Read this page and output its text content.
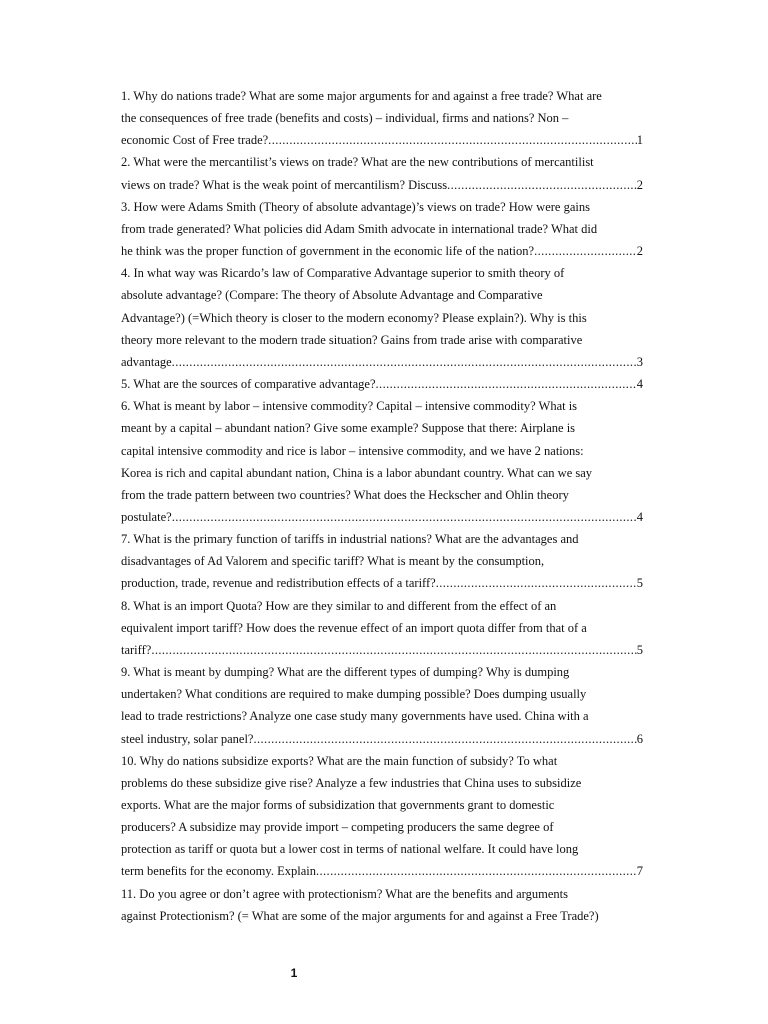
1. Why do nations trade? What are some major arguments for and against a free trade? What are
the consequences of free trade (benefits and costs) – individual, firms and nations? Non –
economic Cost of Free trade? .....	1
2. What were the mercantilist’s views on trade? What are the new contributions of mercantilist
views on trade? What is the weak point of mercantilism? Discuss .....	2
3. How were Adams Smith (Theory of absolute advantage)’s views on trade? How were gains
from trade generated? What policies did Adam Smith advocate in international trade? What did
he think was the proper function of government in the economic life of the nation? .....	2
4. In what way was Ricardo’s law of Comparative Advantage superior to smith theory of
absolute advantage? (Compare: The theory of Absolute Advantage and Comparative
Advantage?) (=Which theory is closer to the modern economy? Please explain?). Why is this
theory more relevant to the modern trade situation? Gains from trade arise with comparative
advantage .....	3
5. What are the sources of comparative advantage? .....	4
6. What is meant by labor – intensive commodity? Capital – intensive commodity? What is
meant by a capital – abundant nation? Give some example? Suppose that there: Airplane is
capital intensive commodity and rice is labor – intensive commodity, and we have 2 nations:
Korea is rich and capital abundant nation, China is a labor abundant country. What can we say
from the trade pattern between two countries? What does the Heckscher and Ohlin theory
postulate? .....	4
7. What is the primary function of tariffs in industrial nations? What are the advantages and
disadvantages of Ad Valorem and specific tariff? What is meant by the consumption,
production, trade, revenue and redistribution effects of a tariff? .....	5
8. What is an import Quota? How are they similar to and different from the effect of an
equivalent import tariff? How does the revenue effect of an import quota differ from that of a
tariff? .....	5
9. What is meant by dumping? What are the different types of dumping? Why is dumping
undertaken? What conditions are required to make dumping possible? Does dumping usually
lead to trade restrictions? Analyze one case study many governments have used. China with a
steel industry, solar panel? .....	6
10. Why do nations subsidize exports? What are the main function of subsidy? To what
problems do these subsidize give rise? Analyze a few industries that China uses to subsidize
exports. What are the major forms of subsidization that governments grant to domestic
producers? A subsidize may provide import – competing producers the same degree of
protection as tariff or quota but a lower cost in terms of national welfare. It could have long
term benefits for the economy. Explain .....	7
11. Do you agree or don’t agree with protectionism? What are the benefits and arguments
against Protectionism? (= What are some of the major arguments for and against a Free Trade?)
1
